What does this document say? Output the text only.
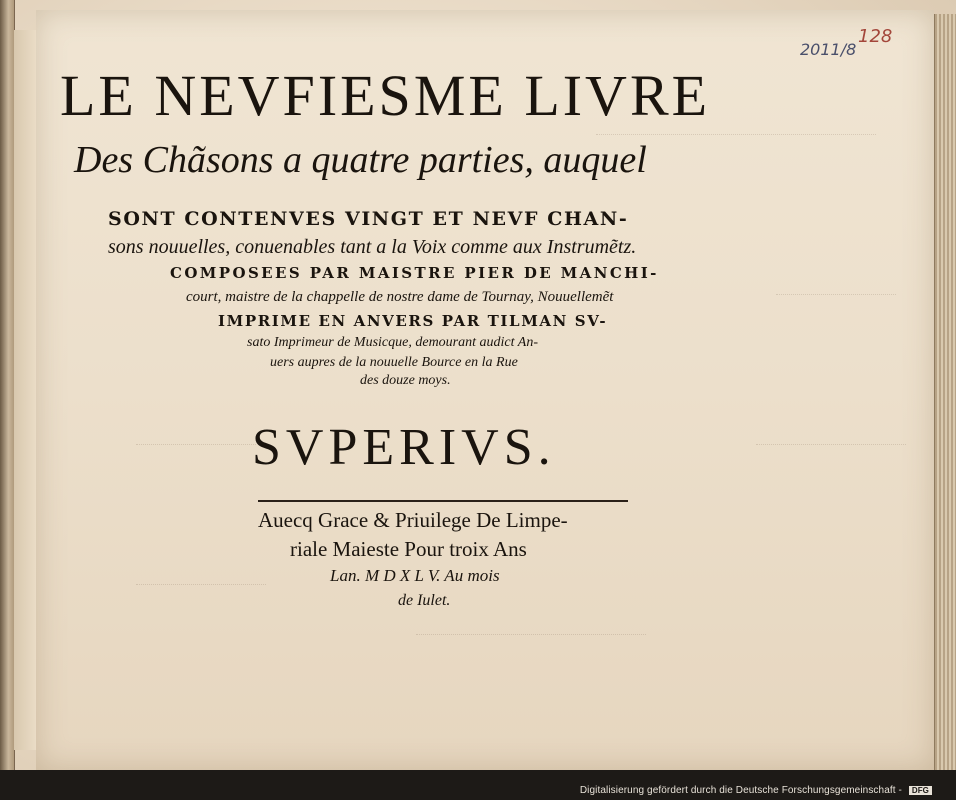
128
2011/8
LE NEVFIESME LIVRE
Des Chãsons a quatre parties, auquel
SONT CONTENVES VINGT ET NEVF CHAN-
sons nouuelles, conuenables tant a la Voix comme aux Instrumẽtz.
COMPOSEES PAR MAISTRE PIER DE MANCHI-
court, maistre de la chappelle de nostre dame de Tournay, Nouuellemẽt
IMPRIME EN ANVERS PAR TILMAN SV-
sato Imprimeur de Musicque, demourant audict An-
uers aupres de la nouuelle Bource en la Rue
des douze moys.
SVPERIVS.
Auecq Grace & Priuilege De Limpe-
riale Maieste Pour troix Ans
Lan. M D X L V. Au mois
de Iulet.
Digitalisierung gefördert durch die Deutsche Forschungsgemeinschaft - DFG
